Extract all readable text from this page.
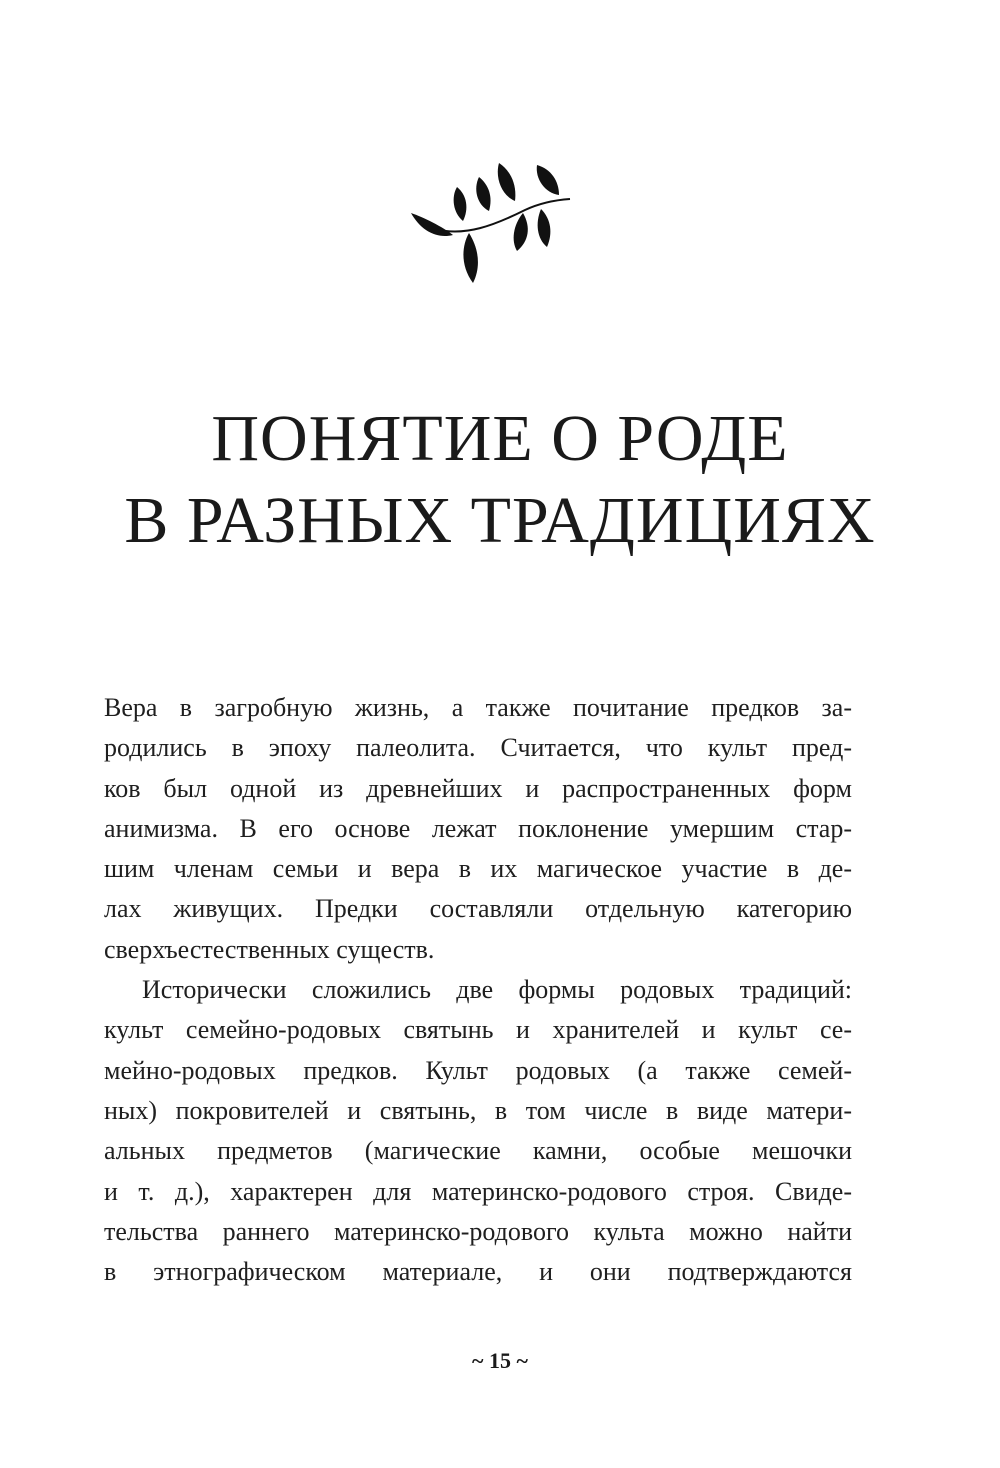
ПОНЯТИЕ О РОДЕ
В РАЗНЫХ ТРАДИЦИЯХ

Вера в загробную жизнь, а также почитание предков за-
родились в эпоху палеолита. Считается, что культ пред-
ков был одной из древнейших и распространенных форм
анимизма. В его основе лежат поклонение умершим стар-
шим членам семьи и вера в их магическое участие в де-
лах живущих. Предки составляли отдельную категорию
сверхъестественных существ.

Исторически сложились две формы родовых традиций:
культ семейно-родовых святынь и хранителей и культ се-
мейно-родовых предков. Культ родовых (а также семей-
ных) покровителей и святынь, в том числе в виде матери-
альных предметов (магические камни, особые мешочки
и т. д.), характерен для материнско-родового строя. Свиде-
тельства раннего материнско-родового культа можно найти
в этнографическом материале, и они подтверждаются

~ 15 ~
